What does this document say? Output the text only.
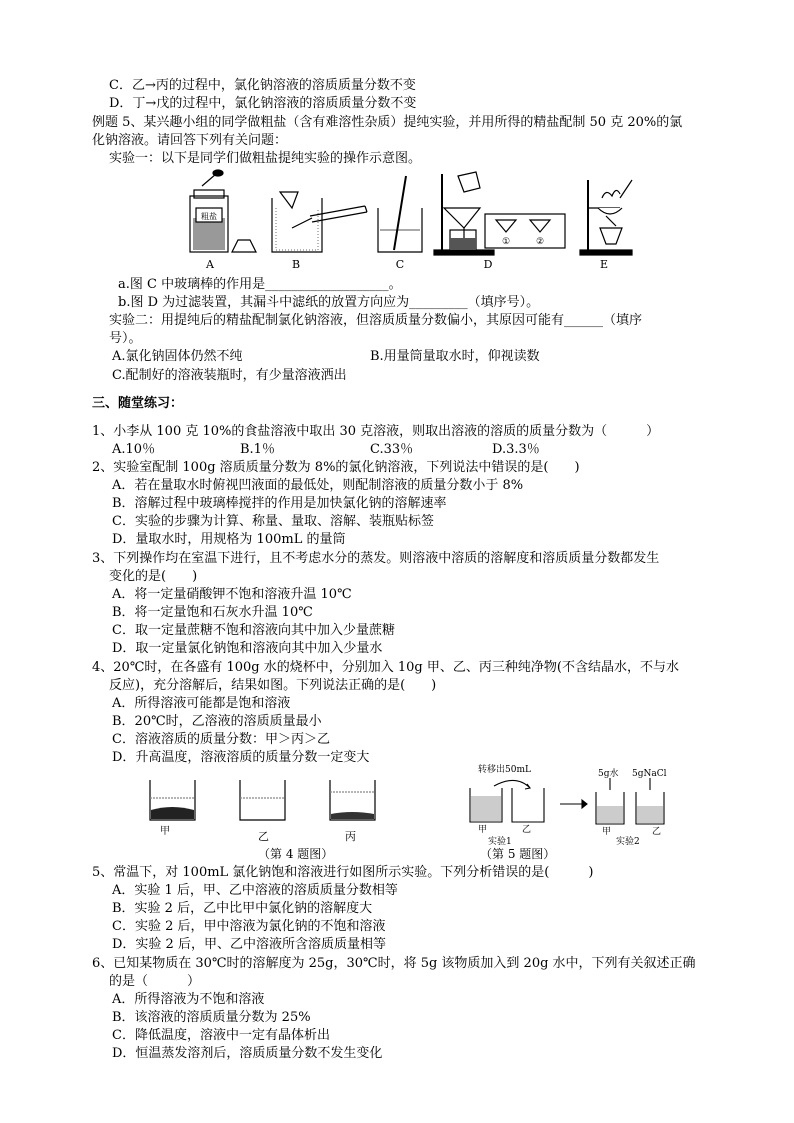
C．乙→丙的过程中，氯化钠溶液的溶质质量分数不变
D．丁→戊的过程中，氯化钠溶液的溶质质量分数不变
例题 5、某兴趣小组的同学做粗盐（含有难溶性杂质）提纯实验，并用所得的精盐配制 50 克 20%的氯
化钠溶液。请回答下列有关问题：
实验一：以下是同学们做粗盐提纯实验的操作示意图。
A	B	C	D	E
粗盐
①	②
a.图 C 中玻璃棒的作用是___________________。
b.图 D 为过滤装置，其漏斗中滤纸的放置方向应为_________（填序号）。
实验二：用提纯后的精盐配制氯化钠溶液，但溶质质量分数偏小，其原因可能有______（填序
号）。
A.氯化钠固体仍然不纯	B.用量筒量取水时，仰视读数
C.配制好的溶液装瓶时，有少量溶液洒出
三、随堂练习：
1、小李从 100 克 10%的食盐溶液中取出 30 克溶液，则取出溶液的溶质的质量分数为（　　　）
A.10％	B.1％	C.33％	D.3.3％
2、实验室配制 100g 溶质质量分数为 8%的氯化钠溶液，下列说法中错误的是(　　)
A．若在量取水时俯视凹液面的最低处，则配制溶液的质量分数小于 8%
B．溶解过程中玻璃棒搅拌的作用是加快氯化钠的溶解速率
C．实验的步骤为计算、称量、量取、溶解、装瓶贴标签
D．量取水时，用规格为 100mL 的量筒
3、下列操作均在室温下进行，且不考虑水分的蒸发。则溶液中溶质的溶解度和溶质质量分数都发生
变化的是(　　)
A．将一定量硝酸钾不饱和溶液升温 10℃
B．将一定量饱和石灰水升温 10℃
C．取一定量蔗糖不饱和溶液向其中加入少量蔗糖
D．取一定量氯化钠饱和溶液向其中加入少量水
4、20℃时，在各盛有 100g 水的烧杯中，分别加入 10g 甲、乙、丙三种纯净物(不含结晶水，不与水
反应)，充分溶解后，结果如图。下列说法正确的是(　　)
A．所得溶液可能都是饱和溶液
B．20℃时，乙溶液的溶质质量最小
C．溶液溶质的质量分数：甲＞丙＞乙
D．升高温度，溶液溶质的质量分数一定变大
甲	乙	丙
（第 4 题图）
转移出50mL
甲	乙
实验1
5g水 5gNaCl
甲	乙
实验2
（第 5 题图）
5、常温下，对 100mL 氯化钠饱和溶液进行如图所示实验。下列分析错误的是(　　　)
A．实验 1 后，甲、乙中溶液的溶质质量分数相等
B．实验 2 后，乙中比甲中氯化钠的溶解度大
C．实验 2 后，甲中溶液为氯化钠的不饱和溶液
D．实验 2 后，甲、乙中溶液所含溶质质量相等
6、已知某物质在 30℃时的溶解度为 25g，30℃时，将 5g 该物质加入到 20g 水中，下列有关叙述正确
的是（　　　）
A．所得溶液为不饱和溶液
B．该溶液的溶质质量分数为 25%
C．降低温度，溶液中一定有晶体析出
D．恒温蒸发溶剂后，溶质质量分数不发生变化
